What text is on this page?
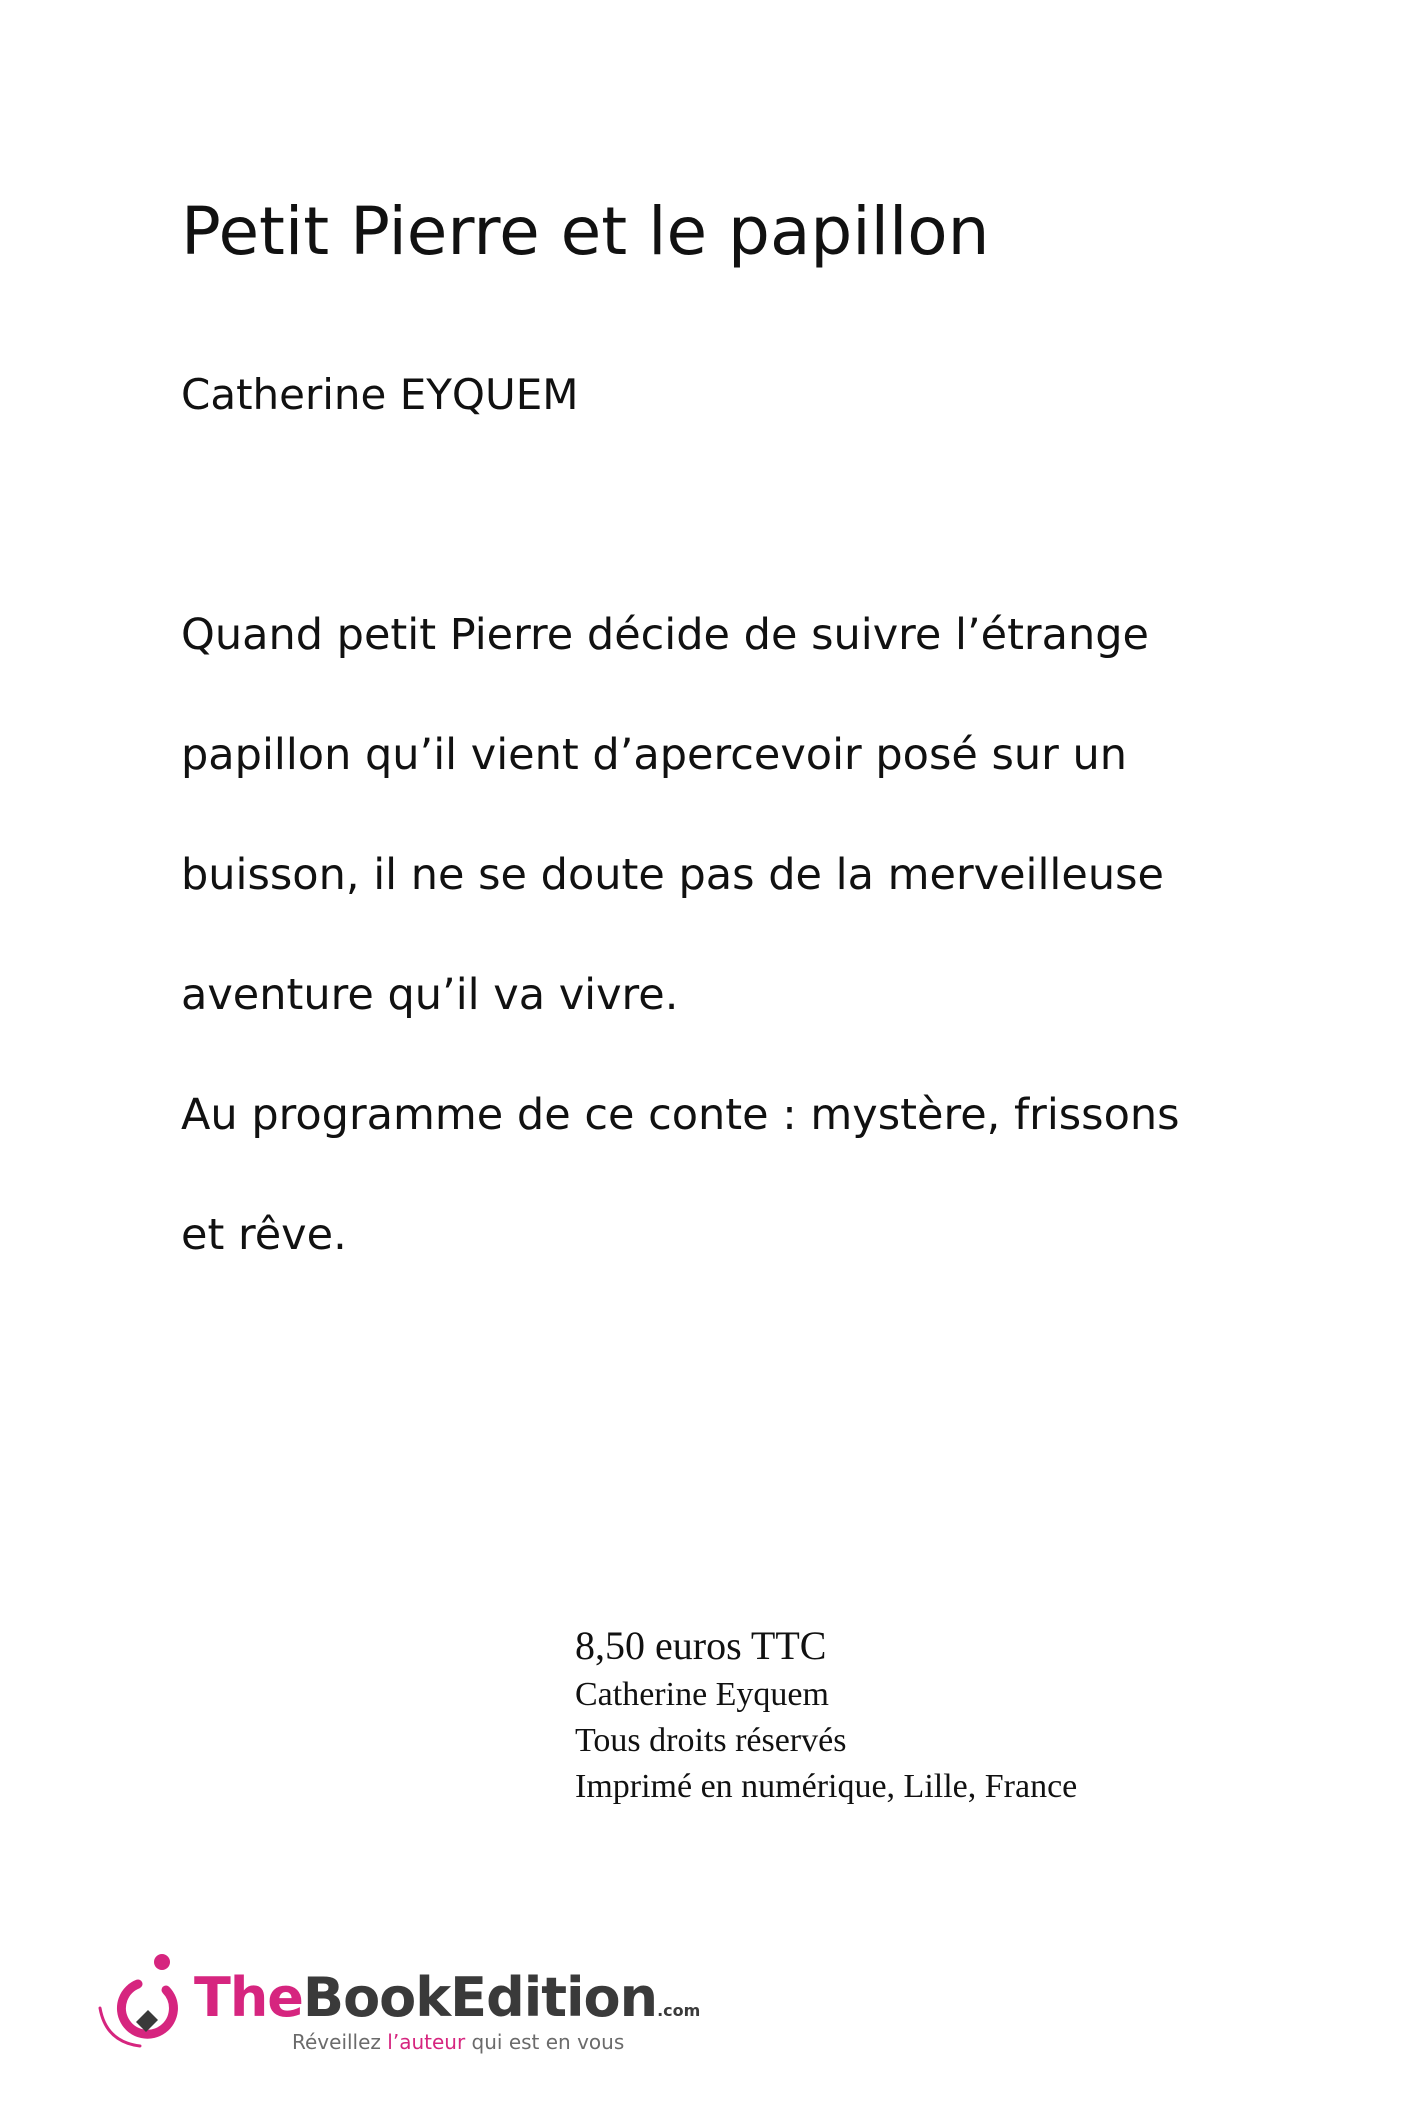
Petit Pierre et le papillon

Catherine EYQUEM

Quand petit Pierre décide de suivre l’étrange
papillon qu’il vient d’apercevoir posé sur un
buisson, il ne se doute pas de la merveilleuse
aventure qu’il va vivre.
Au programme de ce conte : mystère, frissons
et rêve.
8,50 euros TTC
Catherine Eyquem
Tous droits réservés
Imprimé en numérique, Lille, France
TheBookEdition.com
Réveillez l’auteur qui est en vous
